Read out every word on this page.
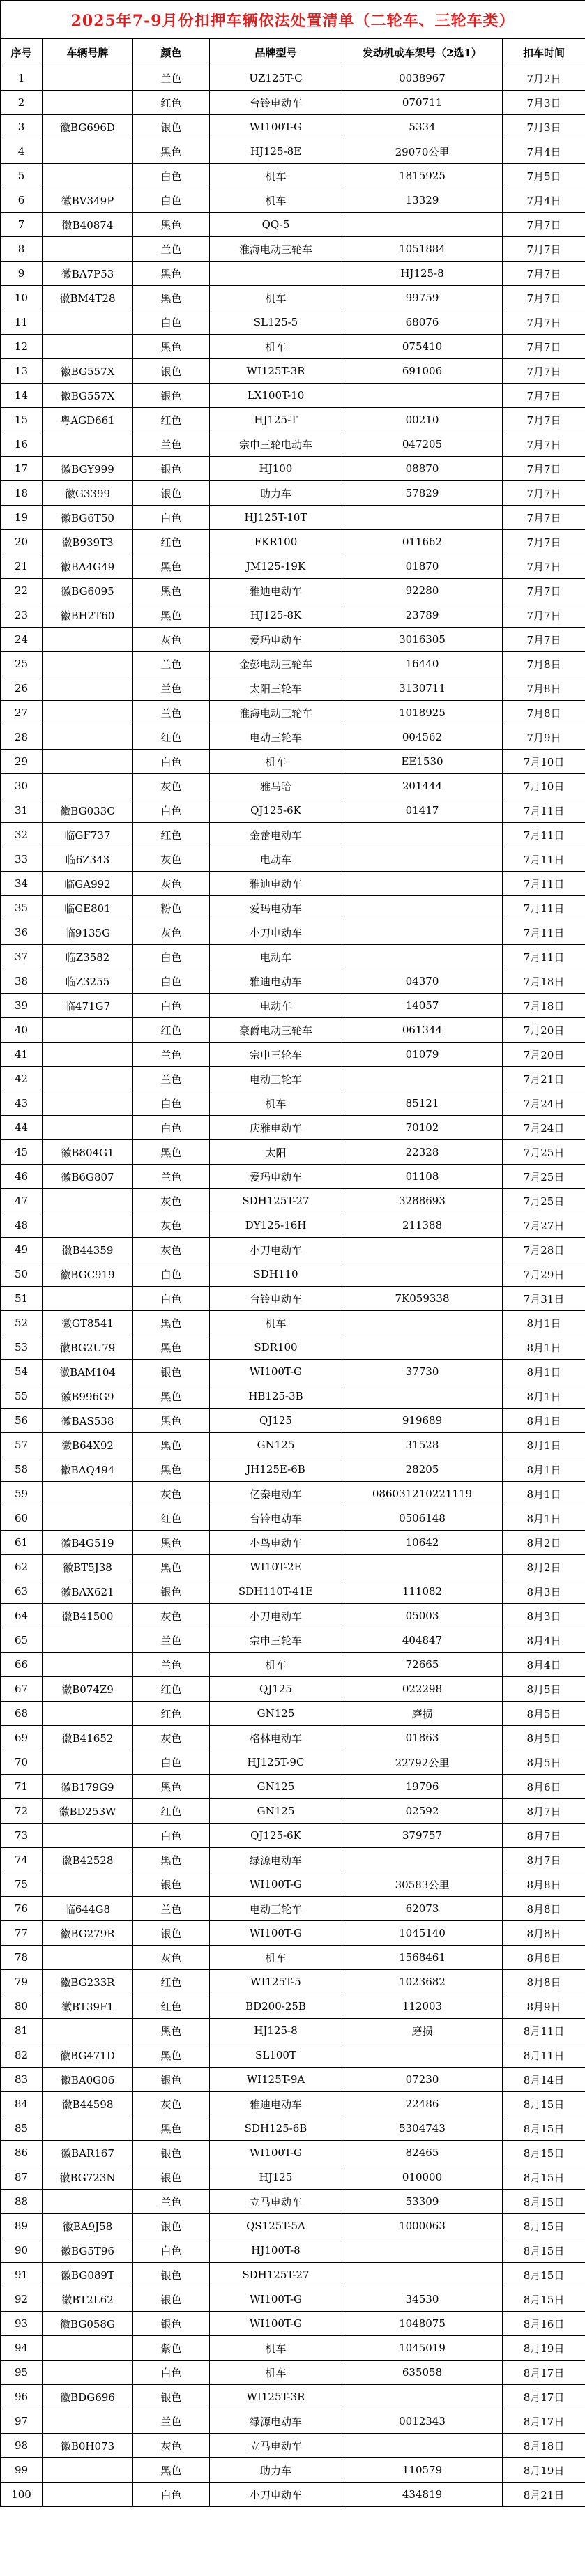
2025年7-9月份扣押车辆依法处置清单（二轮车、三轮车类）					
序号	车辆号牌	颜色	品牌型号	发动机或车架号（2选1）	扣车时间
1		兰色	UZ125T-C	0038967	7月2日
2		红色	台铃电动车	070711	7月3日
3	徽BG696D	银色	WI100T-G	5334	7月3日
4		黑色	HJ125-8E	29070公里	7月4日
5		白色	机车	1815925	7月5日
6	徽BV349P	白色	机车	13329	7月4日
7	徽B40874	黑色	QQ-5		7月7日
8		兰色	淮海电动三轮车	1051884	7月7日
9	徽BA7P53	黑色		HJ125-8	7月7日
10	徽BM4T28	黑色	机车	99759	7月7日
11		白色	SL125-5	68076	7月7日
12		黑色	机车	075410	7月7日
13	徽BG557X	银色	WI125T-3R	691006	7月7日
14	徽BG557X	银色	LX100T-10		7月7日
15	粤AGD661	红色	HJ125-T	00210	7月7日
16		兰色	宗申三轮电动车	047205	7月7日
17	徽BGY999	银色	HJ100	08870	7月7日
18	徽G3399	银色	助力车	57829	7月7日
19	徽BG6T50	白色	HJ125T-10T		7月7日
20	徽B939T3	红色	FKR100	011662	7月7日
21	徽BA4G49	黑色	JM125-19K	01870	7月7日
22	徽BG6095	黑色	雅迪电动车	92280	7月7日
23	徽BH2T60	黑色	HJ125-8K	23789	7月7日
24		灰色	爱玛电动车	3016305	7月7日
25		兰色	金彭电动三轮车	16440	7月8日
26		兰色	太阳三轮车	3130711	7月8日
27		兰色	淮海电动三轮车	1018925	7月8日
28		红色	电动三轮车	004562	7月9日
29		白色	机车	EE1530	7月10日
30		灰色	雅马哈	201444	7月10日
31	徽BG033C	白色	QJ125-6K	01417	7月11日
32	临GF737	红色	金蕾电动车		7月11日
33	临6Z343	灰色	电动车		7月11日
34	临GA992	灰色	雅迪电动车		7月11日
35	临GE801	粉色	爱玛电动车		7月11日
36	临9135G	灰色	小刀电动车		7月11日
37	临Z3582	白色	电动车		7月11日
38	临Z3255	白色	雅迪电动车	04370	7月18日
39	临471G7	白色	电动车	14057	7月18日
40		红色	豪爵电动三轮车	061344	7月20日
41		兰色	宗申三轮车	01079	7月20日
42		兰色	电动三轮车		7月21日
43		白色	机车	85121	7月24日
44		白色	庆雅电动车	70102	7月24日
45	徽B804G1	黑色	太阳	22328	7月25日
46	徽B6G807	兰色	爱玛电动车	01108	7月25日
47		灰色	SDH125T-27	3288693	7月25日
48		灰色	DY125-16H	211388	7月27日
49	徽B44359	灰色	小刀电动车		7月28日
50	徽BGC919	白色	SDH110		7月29日
51		白色	台铃电动车	7K059338	7月31日
52	徽GT8541	黑色	机车		8月1日
53	徽BG2U79	黑色	SDR100		8月1日
54	徽BAM104	银色	WI100T-G	37730	8月1日
55	徽B996G9	黑色	HB125-3B		8月1日
56	徽BAS538	黑色	QJ125	919689	8月1日
57	徽B64X92	黑色	GN125	31528	8月1日
58	徽BAQ494	黑色	JH125E-6B	28205	8月1日
59		灰色	亿秦电动车	086031210221119	8月1日
60		红色	台铃电动车	0506148	8月1日
61	徽B4G519	黑色	小鸟电动车	10642	8月2日
62	徽BT5J38	黑色	WI10T-2E		8月2日
63	徽BAX621	银色	SDH110T-41E	111082	8月3日
64	徽B41500	灰色	小刀电动车	05003	8月3日
65		兰色	宗申三轮车	404847	8月4日
66		兰色	机车	72665	8月4日
67	徽B074Z9	红色	QJ125	022298	8月5日
68		红色	GN125	磨损	8月5日
69	徽B41652	灰色	格林电动车	01863	8月5日
70		白色	HJ125T-9C	22792公里	8月5日
71	徽B179G9	黑色	GN125	19796	8月6日
72	徽BD253W	红色	GN125	02592	8月7日
73		白色	QJ125-6K	379757	8月7日
74	徽B42528	黑色	绿源电动车		8月7日
75		银色	WI100T-G	30583公里	8月8日
76	临644G8	兰色	电动三轮车	62073	8月8日
77	徽BG279R	银色	WI100T-G	1045140	8月8日
78		灰色	机车	1568461	8月8日
79	徽BG233R	红色	WI125T-5	1023682	8月8日
80	徽BT39F1	红色	BD200-25B	112003	8月9日
81		黑色	HJ125-8	磨损	8月11日
82	徽BG471D	黑色	SL100T		8月11日
83	徽BA0G06	银色	WI125T-9A	07230	8月14日
84	徽B44598	灰色	雅迪电动车	22486	8月15日
85		黑色	SDH125-6B	5304743	8月15日
86	徽BAR167	银色	WI100T-G	82465	8月15日
87	徽BG723N	银色	HJ125	010000	8月15日
88		兰色	立马电动车	53309	8月15日
89	徽BA9J58	银色	QS125T-5A	1000063	8月15日
90	徽BG5T96	白色	HJ100T-8		8月15日
91	徽BG089T	银色	SDH125T-27		8月15日
92	徽BT2L62	银色	WI100T-G	34530	8月15日
93	徽BG058G	银色	WI100T-G	1048075	8月16日
94		紫色	机车	1045019	8月19日
95		白色	机车	635058	8月17日
96	徽BDG696	银色	WI125T-3R		8月17日
97		兰色	绿源电动车	0012343	8月17日
98	徽B0H073	灰色	立马电动车		8月18日
99		黑色	助力车	110579	8月19日
100		白色	小刀电动车	434819	8月21日
